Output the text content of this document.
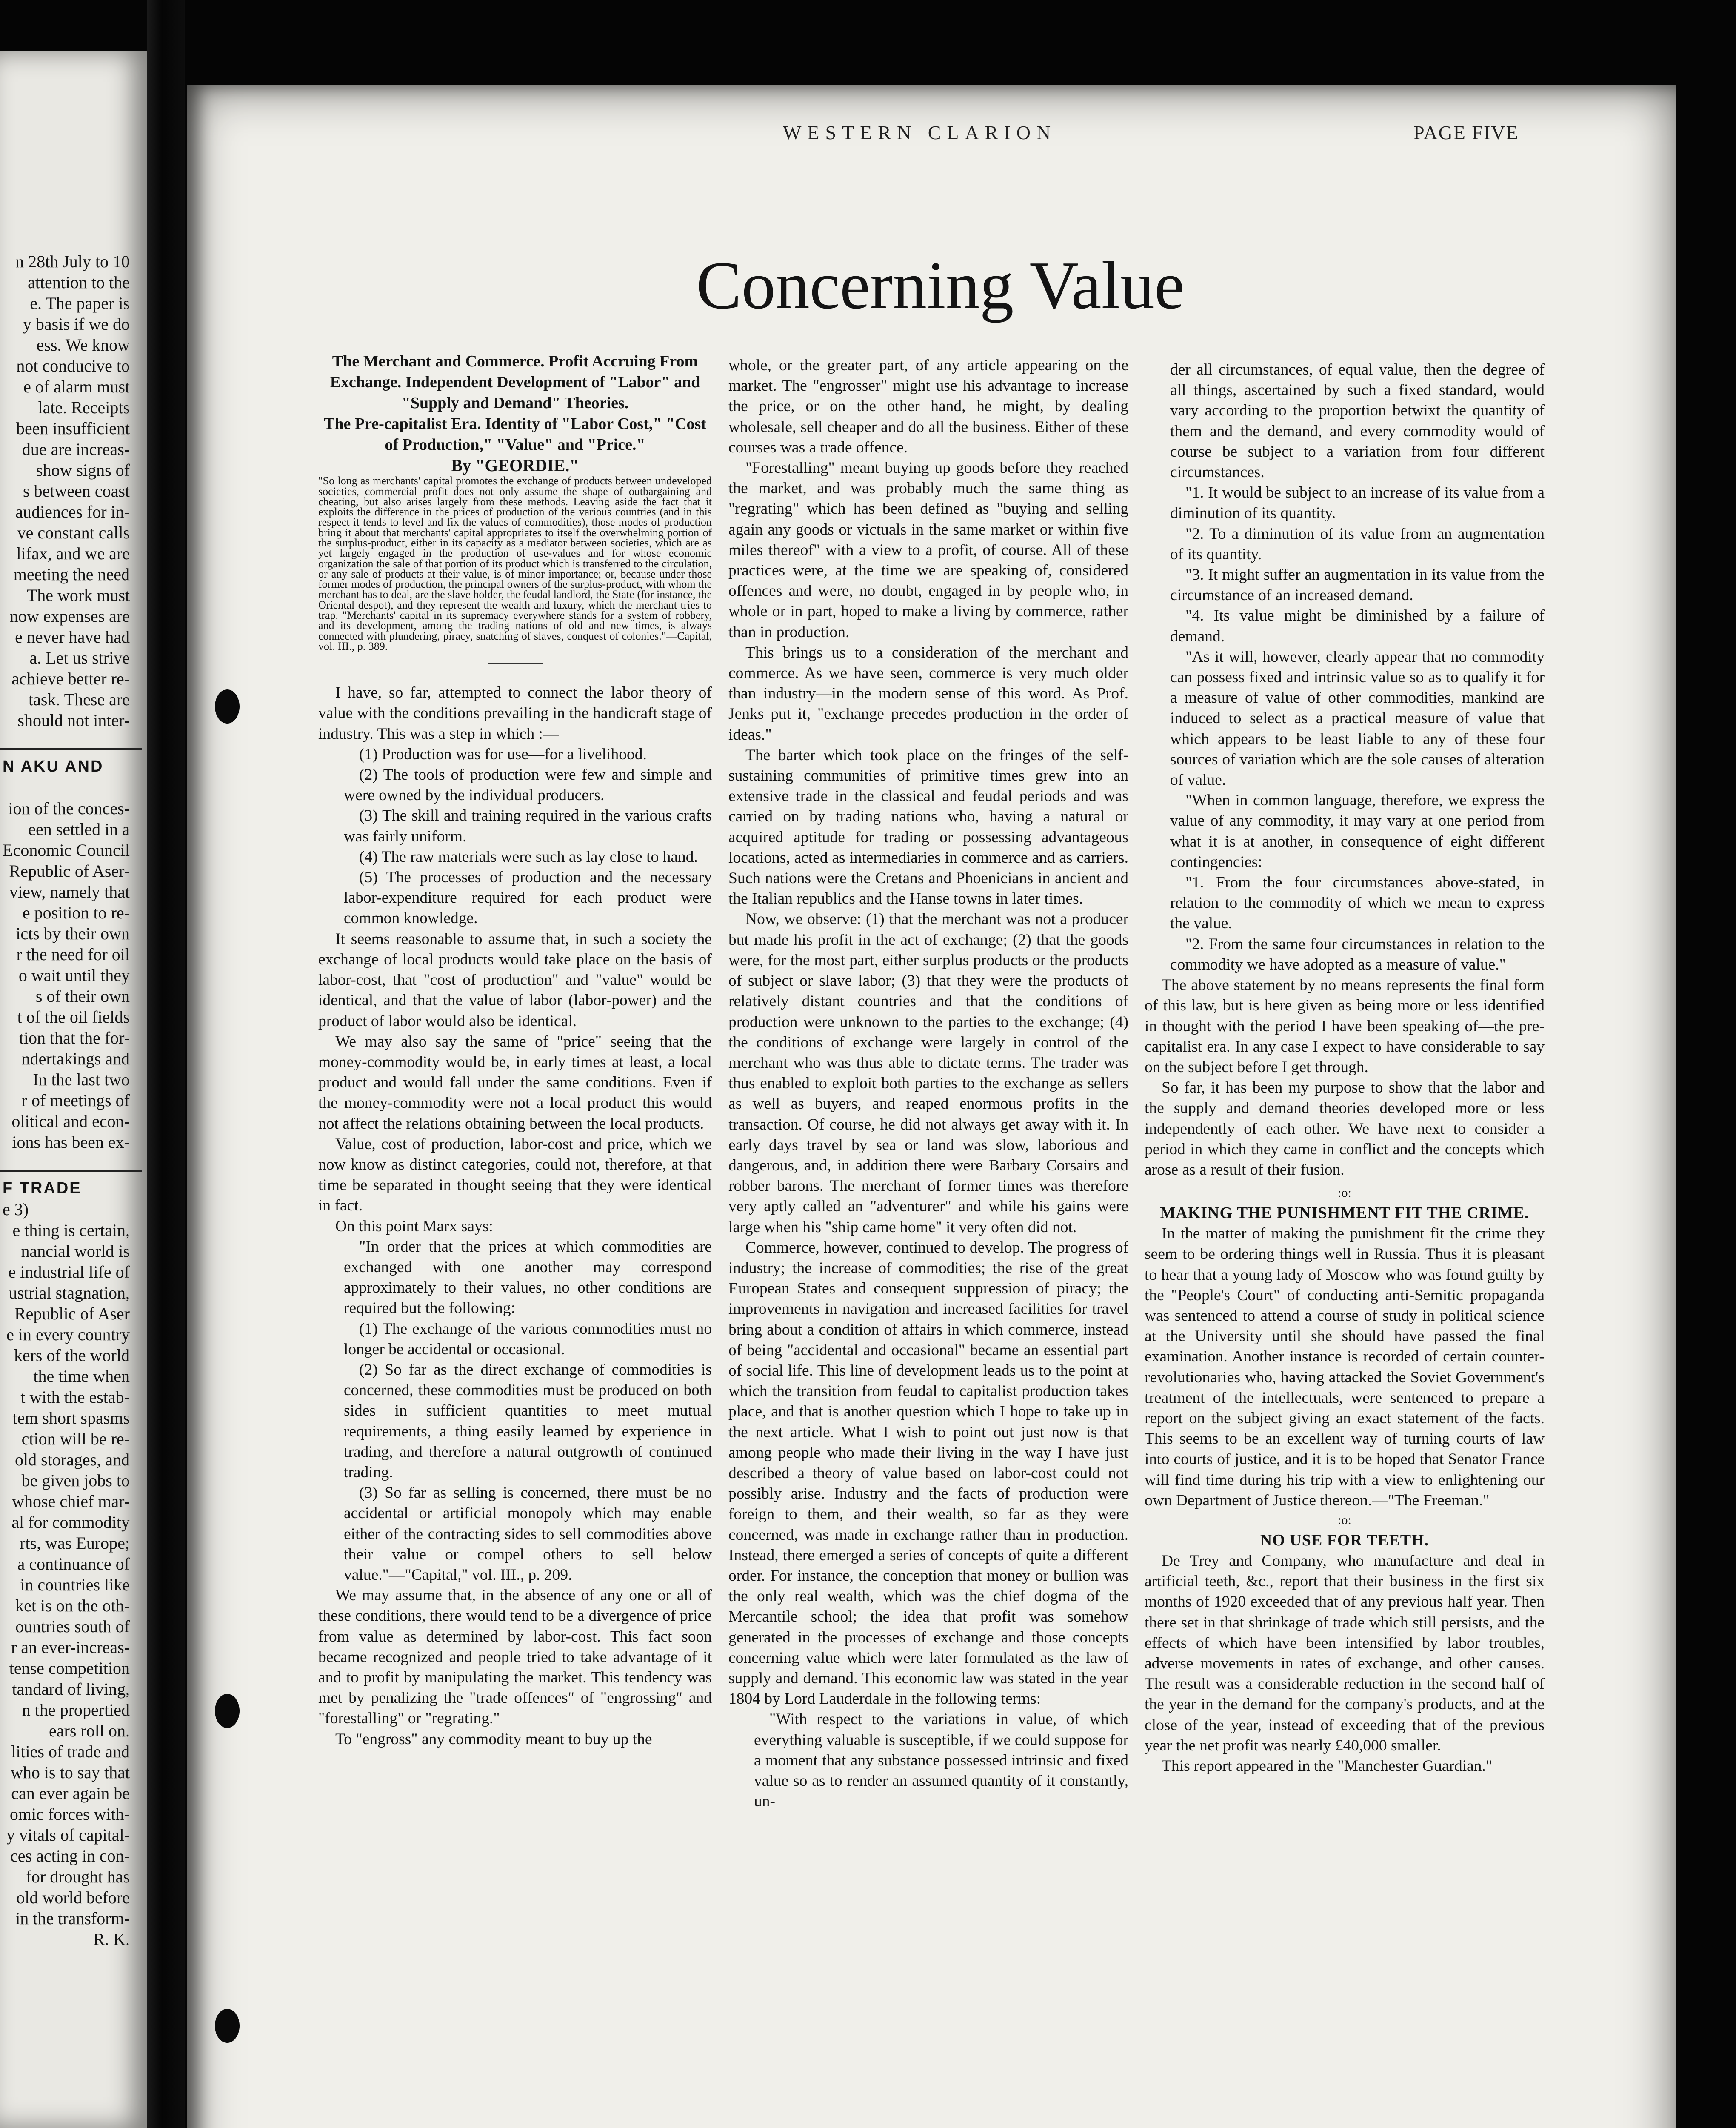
n 28th July to 10
attention to the
e. The paper is
y basis if we do
ess. We know
not conducive to
e of alarm must
late. Receipts
been insufficient
due are increas-
show signs of
s between coast
audiences for in-
ve constant calls
lifax, and we are
meeting the need
The work must
now expenses are
e never have had
a. Let us strive
achieve better re-
task. These are
should not inter-
N AKU AND
ion of the conces-
een settled in a
Economic Council
Republic of Aser-
view, namely that
e position to re-
icts by their own
r the need for oil
o wait until they
s of their own
t of the oil fields
tion that the for-
ndertakings and
In the last two
r of meetings of
olitical and econ-
ions has been ex-
F TRADE
e 3)
e thing is certain,
nancial world is
e industrial life of
ustrial stagnation,
Republic of Aser
e in every country
kers of the world
the time when
t with the estab-
tem short spasms
ction will be re-
old storages, and
be given jobs to
whose chief mar-
al for commodity
rts, was Europe;
a continuance of
in countries like
ket is on the oth-
ountries south of
r an ever-increas-
tense competition
tandard of living,
n the propertied
ears roll on.
lities of trade and
who is to say that
can ever again be
omic forces with-
y vitals of capital-
ces acting in con-
for drought has
old world before
in the transform-
R. K.
WESTERN CLARION	PAGE FIVE
Concerning Value

The Merchant and Commerce. Profit Accruing From Exchange. Independent Development of "Labor" and "Supply and Demand" Theories.

The Pre-capitalist Era. Identity of "Labor Cost," "Cost of Production," "Value" and "Price."

By "GEORDIE."

"So long as merchants' capital promotes the exchange of products between undeveloped societies, commercial profit does not only assume the shape of outbargaining and cheating, but also arises largely from these methods. Leaving aside the fact that it exploits the difference in the prices of production of the various countries (and in this respect it tends to level and fix the values of commodities), those modes of production bring it about that merchants' capital appropriates to itself the overwhelming portion of the surplus-product, either in its capacity as a mediator between societies, which are as yet largely engaged in the production of use-values and for whose economic organization the sale of that portion of its product which is transferred to the circulation, or any sale of products at their value, is of minor importance; or, because under those former modes of production, the principal owners of the surplus-product, with whom the merchant has to deal, are the slave holder, the feudal landlord, the State (for instance, the Oriental despot), and they represent the wealth and luxury, which the merchant tries to trap. "Merchants' capital in its supremacy everywhere stands for a system of robbery, and its development, among the trading nations of old and new times, is always connected with plundering, piracy, snatching of slaves, conquest of colonies."—Capital, vol. III., p. 389.

I have, so far, attempted to connect the labor theory of value with the conditions prevailing in the handicraft stage of industry. This was a step in which :—

(1) Production was for use—for a livelihood.

(2) The tools of production were few and simple and were owned by the individual producers.

(3) The skill and training required in the various crafts was fairly uniform.

(4) The raw materials were such as lay close to hand.

(5) The processes of production and the necessary labor-expenditure required for each product were common knowledge.

It seems reasonable to assume that, in such a society the exchange of local products would take place on the basis of labor-cost, that "cost of production" and "value" would be identical, and that the value of labor (labor-power) and the product of labor would also be identical.

We may also say the same of "price" seeing that the money-commodity would be, in early times at least, a local product and would fall under the same conditions. Even if the money-commodity were not a local product this would not affect the relations obtaining between the local products.

Value, cost of production, labor-cost and price, which we now know as distinct categories, could not, therefore, at that time be separated in thought seeing that they were identical in fact.

On this point Marx says:

"In order that the prices at which commodities are exchanged with one another may correspond approximately to their values, no other conditions are required but the following:

(1) The exchange of the various commodities must no longer be accidental or occasional.

(2) So far as the direct exchange of commodities is concerned, these commodities must be produced on both sides in sufficient quantities to meet mutual requirements, a thing easily learned by experience in trading, and therefore a natural outgrowth of continued trading.

(3) So far as selling is concerned, there must be no accidental or artificial monopoly which may enable either of the contracting sides to sell commodities above their value or compel others to sell below value."—"Capital," vol. III., p. 209.

We may assume that, in the absence of any one or all of these conditions, there would tend to be a divergence of price from value as determined by labor-cost. This fact soon became recognized and people tried to take advantage of it and to profit by manipulating the market. This tendency was met by penalizing the "trade offences" of "engrossing" and "forestalling" or "regrating."

To "engross" any commodity meant to buy up the

whole, or the greater part, of any article appearing on the market. The "engrosser" might use his advantage to increase the price, or on the other hand, he might, by dealing wholesale, sell cheaper and do all the business. Either of these courses was a trade offence.

"Forestalling" meant buying up goods before they reached the market, and was probably much the same thing as "regrating" which has been defined as "buying and selling again any goods or victuals in the same market or within five miles thereof" with a view to a profit, of course. All of these practices were, at the time we are speaking of, considered offences and were, no doubt, engaged in by people who, in whole or in part, hoped to make a living by commerce, rather than in production.

This brings us to a consideration of the merchant and commerce. As we have seen, commerce is very much older than industry—in the modern sense of this word. As Prof. Jenks put it, "exchange precedes production in the order of ideas."

The barter which took place on the fringes of the self-sustaining communities of primitive times grew into an extensive trade in the classical and feudal periods and was carried on by trading nations who, having a natural or acquired aptitude for trading or possessing advantageous locations, acted as intermediaries in commerce and as carriers. Such nations were the Cretans and Phoenicians in ancient and the Italian republics and the Hanse towns in later times.

Now, we observe: (1) that the merchant was not a producer but made his profit in the act of exchange; (2) that the goods were, for the most part, either surplus products or the products of subject or slave labor; (3) that they were the products of relatively distant countries and that the conditions of production were unknown to the parties to the exchange; (4) the conditions of exchange were largely in control of the merchant who was thus able to dictate terms. The trader was thus enabled to exploit both parties to the exchange as sellers as well as buyers, and reaped enormous profits in the transaction. Of course, he did not always get away with it. In early days travel by sea or land was slow, laborious and dangerous, and, in addition there were Barbary Corsairs and robber barons. The merchant of former times was therefore very aptly called an "adventurer" and while his gains were large when his "ship came home" it very often did not.

Commerce, however, continued to develop. The progress of industry; the increase of commodities; the rise of the great European States and consequent suppression of piracy; the improvements in navigation and increased facilities for travel bring about a condition of affairs in which commerce, instead of being "accidental and occasional" became an essential part of social life. This line of development leads us to the point at which the transition from feudal to capitalist production takes place, and that is another question which I hope to take up in the next article. What I wish to point out just now is that among people who made their living in the way I have just described a theory of value based on labor-cost could not possibly arise. Industry and the facts of production were foreign to them, and their wealth, so far as they were concerned, was made in exchange rather than in production. Instead, there emerged a series of concepts of quite a different order. For instance, the conception that money or bullion was the only real wealth, which was the chief dogma of the Mercantile school; the idea that profit was somehow generated in the processes of exchange and those concepts concerning value which were later formulated as the law of supply and demand. This economic law was stated in the year 1804 by Lord Lauderdale in the following terms:

"With respect to the variations in value, of which everything valuable is susceptible, if we could suppose for a moment that any substance possessed intrinsic and fixed value so as to render an assumed quantity of it constantly, un-

der all circumstances, of equal value, then the degree of all things, ascertained by such a fixed standard, would vary according to the proportion betwixt the quantity of them and the demand, and every commodity would of course be subject to a variation from four different circumstances.

"1. It would be subject to an increase of its value from a diminution of its quantity.

"2. To a diminution of its value from an augmentation of its quantity.

"3. It might suffer an augmentation in its value from the circumstance of an increased demand.

"4. Its value might be diminished by a failure of demand.

"As it will, however, clearly appear that no commodity can possess fixed and intrinsic value so as to qualify it for a measure of value of other commodities, mankind are induced to select as a practical measure of value that which appears to be least liable to any of these four sources of variation which are the sole causes of alteration of value.

"When in common language, therefore, we express the value of any commodity, it may vary at one period from what it is at another, in consequence of eight different contingencies:

"1. From the four circumstances above-stated, in relation to the commodity of which we mean to express the value.

"2. From the same four circumstances in relation to the commodity we have adopted as a measure of value."

The above statement by no means represents the final form of this law, but is here given as being more or less identified in thought with the period I have been speaking of—the pre-capitalist era. In any case I expect to have considerable to say on the subject before I get through.

So far, it has been my purpose to show that the labor and the supply and demand theories developed more or less independently of each other. We have next to consider a period in which they came in conflict and the concepts which arose as a result of their fusion.

:o:

MAKING THE PUNISHMENT FIT THE CRIME.

In the matter of making the punishment fit the crime they seem to be ordering things well in Russia. Thus it is pleasant to hear that a young lady of Moscow who was found guilty by the "People's Court" of conducting anti-Semitic propaganda was sentenced to attend a course of study in political science at the University until she should have passed the final examination. Another instance is recorded of certain counter-revolutionaries who, having attacked the Soviet Government's treatment of the intellectuals, were sentenced to prepare a report on the subject giving an exact statement of the facts. This seems to be an excellent way of turning courts of law into courts of justice, and it is to be hoped that Senator France will find time during his trip with a view to enlightening our own Department of Justice thereon.—"The Freeman."

:o:

NO USE FOR TEETH.

De Trey and Company, who manufacture and deal in artificial teeth, &c., report that their business in the first six months of 1920 exceeded that of any previous half year. Then there set in that shrinkage of trade which still persists, and the effects of which have been intensified by labor troubles, adverse movements in rates of exchange, and other causes. The result was a considerable reduction in the second half of the year in the demand for the company's products, and at the close of the year, instead of exceeding that of the previous year the net profit was nearly £40,000 smaller.

This report appeared in the "Manchester Guardian."
